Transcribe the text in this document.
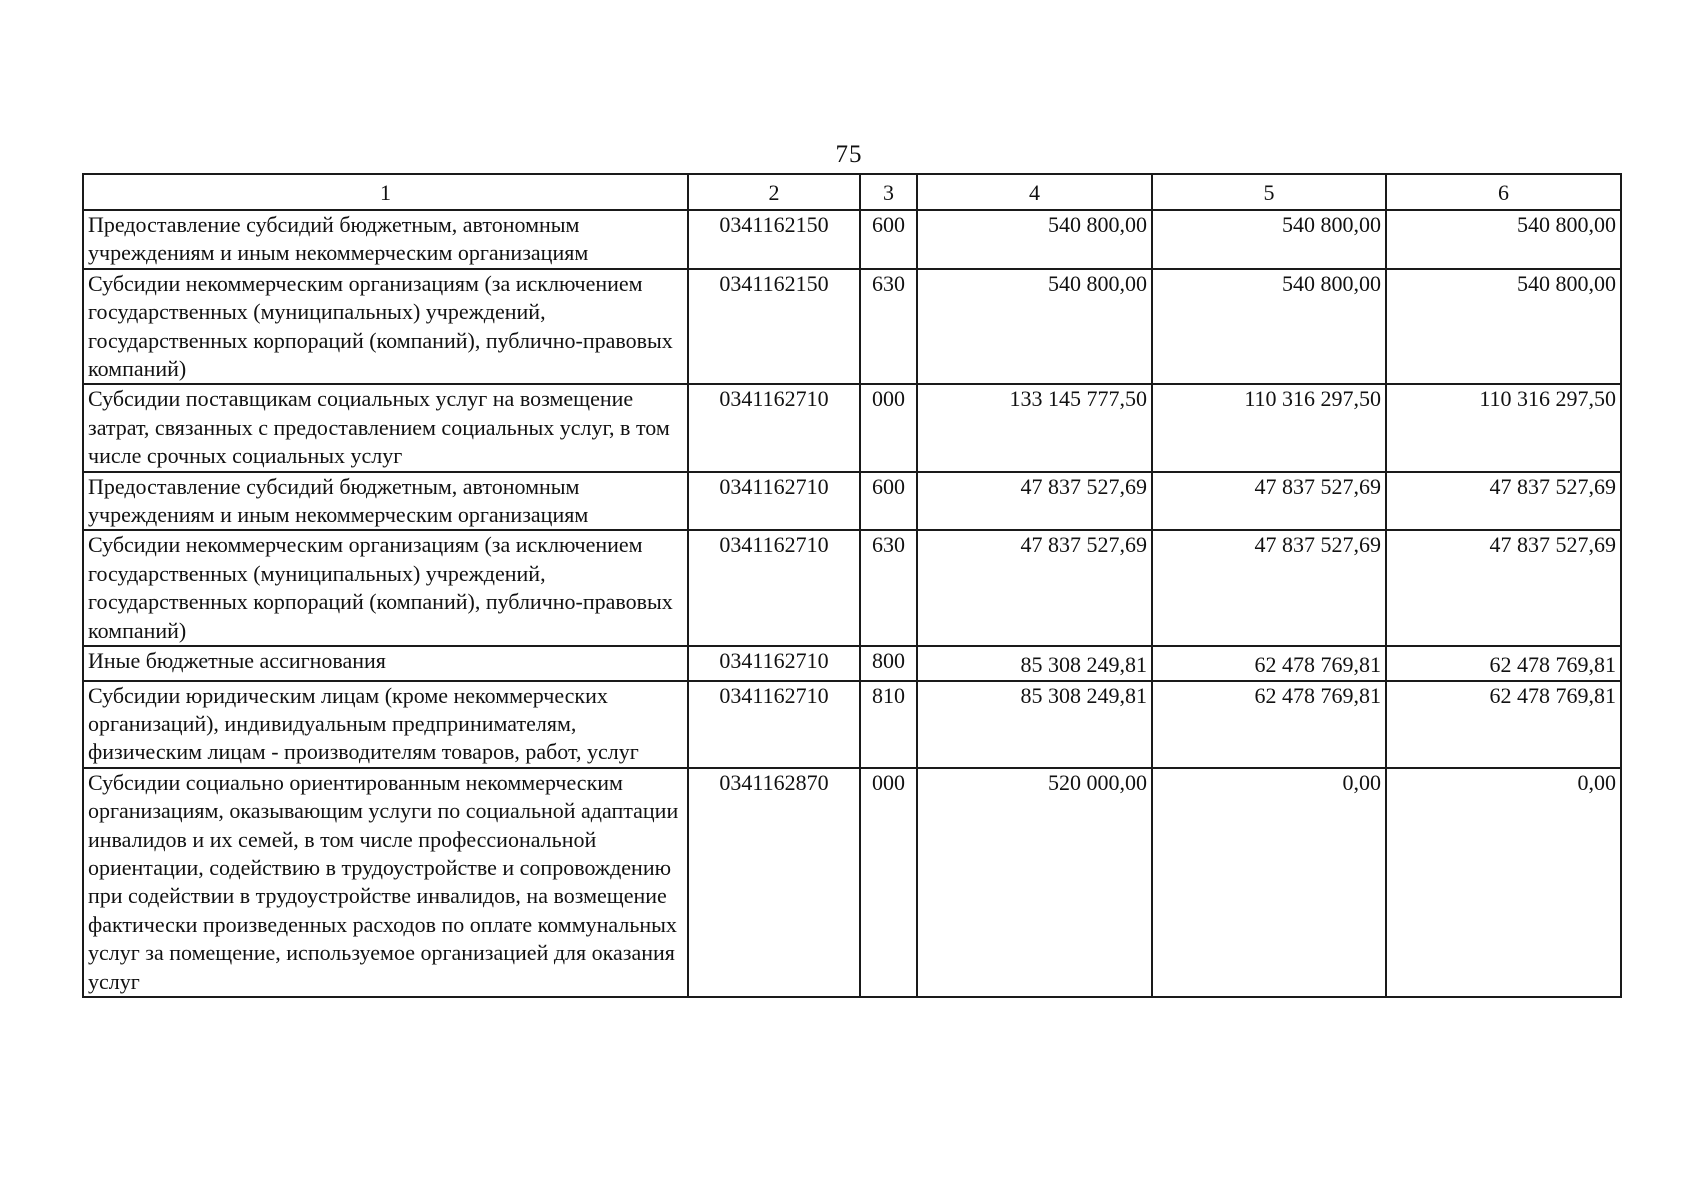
75
1	2	3	4	5	6
Предоставление субсидий бюджетным, автономным учреждениям и иным некоммерческим организациям	0341162150	600	540 800,00	540 800,00	540 800,00
Субсидии некоммерческим организациям (за исключением государственных (муниципальных) учреждений, государственных корпораций (компаний), публично-правовых компаний)	0341162150	630	540 800,00	540 800,00	540 800,00
Субсидии поставщикам социальных услуг на возмещение затрат, связанных с предоставлением социальных услуг, в том числе срочных социальных услуг	0341162710	000	133 145 777,50	110 316 297,50	110 316 297,50
Предоставление субсидий бюджетным, автономным учреждениям и иным некоммерческим организациям	0341162710	600	47 837 527,69	47 837 527,69	47 837 527,69
Субсидии некоммерческим организациям (за исключением государственных (муниципальных) учреждений, государственных корпораций (компаний), публично-правовых компаний)	0341162710	630	47 837 527,69	47 837 527,69	47 837 527,69
Иные бюджетные ассигнования	0341162710	800	85 308 249,81	62 478 769,81	62 478 769,81
Субсидии юридическим лицам (кроме некоммерческих организаций), индивидуальным предпринимателям, физическим лицам - производителям товаров, работ, услуг	0341162710	810	85 308 249,81	62 478 769,81	62 478 769,81
Субсидии социально ориентированным некоммерческим организациям, оказывающим услуги по социальной адаптации инвалидов и их семей, в том числе профессиональной ориентации, содействию в трудоустройстве и сопровождению при содействии в трудоустройстве инвалидов, на возмещение фактически произведенных расходов по оплате коммунальных услуг за помещение, используемое организацией для оказания услуг	0341162870	000	520 000,00	0,00	0,00
